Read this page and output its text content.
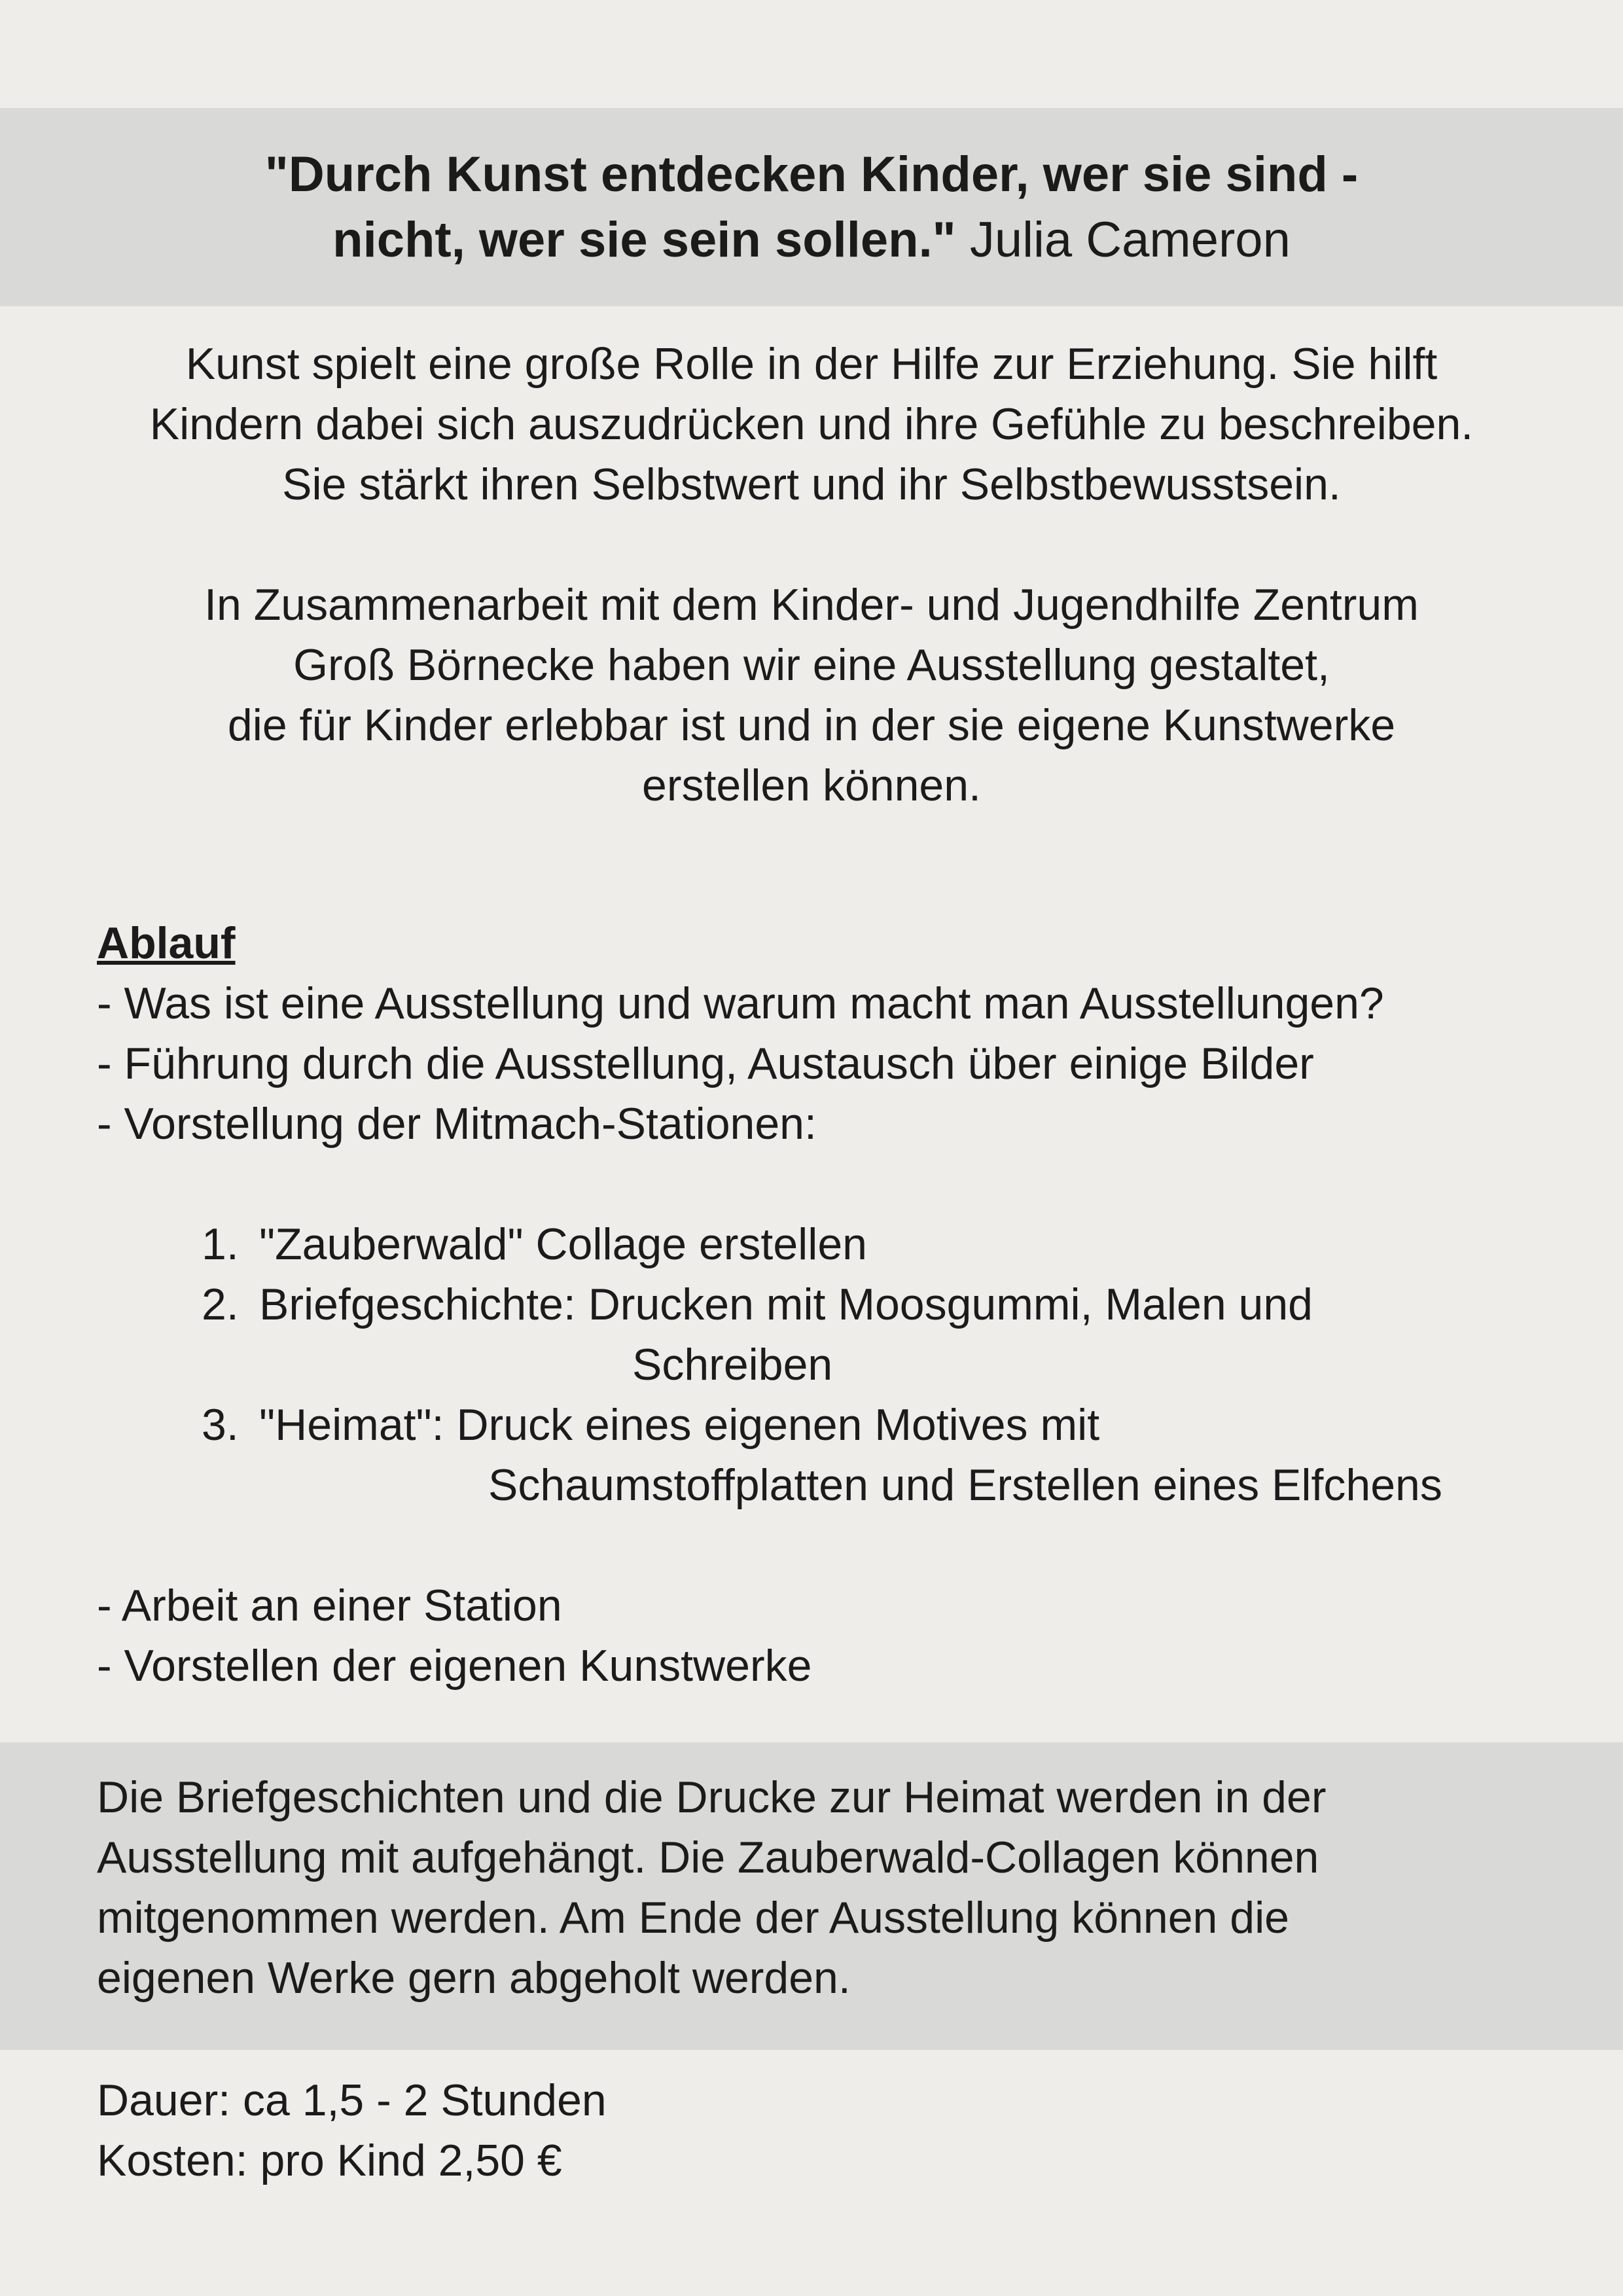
"Durch Kunst entdecken Kinder, wer sie sind -
nicht, wer sie sein sollen." Julia Cameron

Kunst spielt eine große Rolle in der Hilfe zur Erziehung. Sie hilft

Kindern dabei sich auszudrücken und ihre Gefühle zu beschreiben.

Sie stärkt ihren Selbstwert und ihr Selbstbewusstsein.

In Zusammenarbeit mit dem Kinder- und Jugendhilfe Zentrum

Groß Börnecke haben wir eine Ausstellung gestaltet,

die für Kinder erlebbar ist und in der sie eigene Kunstwerke

erstellen können.

Ablauf
- Was ist eine Ausstellung und warum macht man Ausstellungen?
- Führung durch die Ausstellung, Austausch über einige Bilder
- Vorstellung der Mitmach-Stationen:
1. "Zauberwald" Collage erstellen
2. Briefgeschichte: Drucken mit Moosgummi, Malen und
Schreiben
3. "Heimat": Druck eines eigenen Motives mit
Schaumstoffplatten und Erstellen eines Elfchens
- Arbeit an einer Station
- Vorstellen der eigenen Kunstwerke

Die Briefgeschichten und die Drucke zur Heimat werden in der
Ausstellung mit aufgehängt. Die Zauberwald-Collagen können
mitgenommen werden. Am Ende der Ausstellung können die
eigenen Werke gern abgeholt werden.

Dauer: ca 1,5 - 2 Stunden
Kosten: pro Kind 2,50 €
